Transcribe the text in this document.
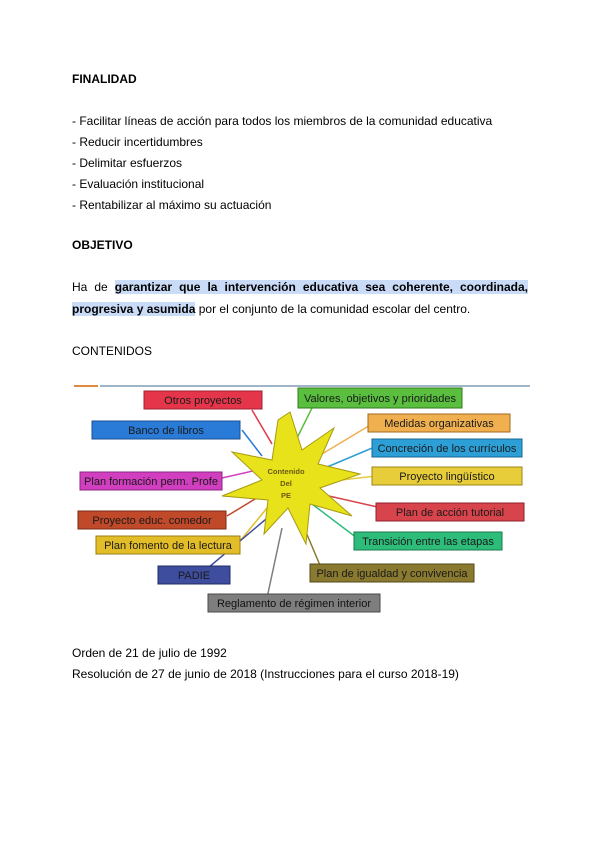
FINALIDAD
- Facilitar líneas de acción para todos los miembros de la comunidad educativa
- Reducir incertidumbres
- Delimitar esfuerzos
- Evaluación institucional
- Rentabilizar al máximo su actuación
OBJETIVO
Ha de garantizar que la intervención educativa sea coherente, coordinada, progresiva y asumida por el conjunto de la comunidad escolar del centro.
CONTENIDOS
Contenido
Del
PE
Otros proyectos
Banco de libros
Plan formación perm. Profe
Proyecto educ. comedor
Plan fomento de la lectura
PADIE
Reglamento de régimen interior
Valores, objetivos y prioridades
Medidas organizativas
Concreción de los currículos
Proyecto lingüístico
Plan de acción tutorial
Transición entre las etapas
Plan de igualdad y convivencia
Orden de 21 de julio de 1992
Resolución de 27 de junio de 2018 (Instrucciones para el curso 2018-19)
